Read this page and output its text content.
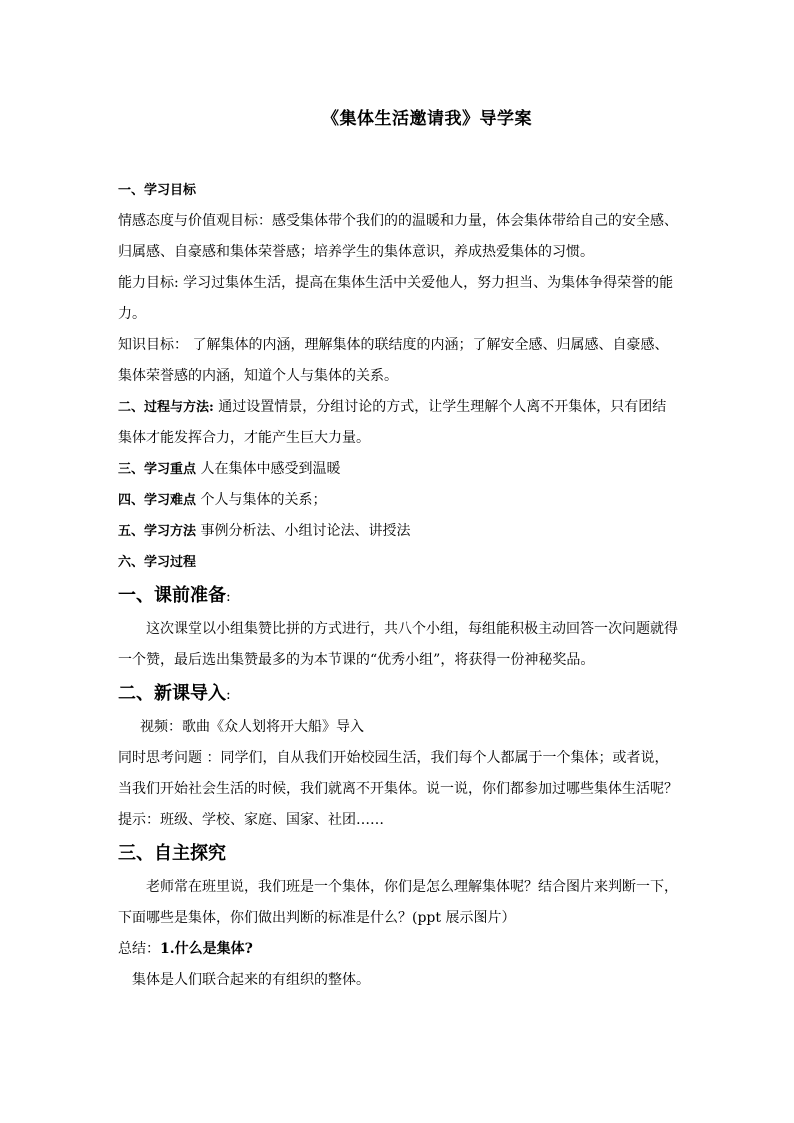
《集体生活邀请我》导学案
一、学习目标
情感态度与价值观目标：感受集体带个我们的的温暖和力量，体会集体带给自己的安全感、
归属感、自豪感和集体荣誉感；培养学生的集体意识，养成热爱集体的习惯。
能力目标: 学习过集体生活，提高在集体生活中关爱他人，努力担当、为集体争得荣誉的能
力。
知识目标： 了解集体的内涵，理解集体的联结度的内涵；了解安全感、归属感、自豪感、
集体荣誉感的内涵，知道个人与集体的关系。
二、过程与方法: 通过设置情景，分组讨论的方式，让学生理解个人离不开集体，只有团结
集体才能发挥合力，才能产生巨大力量。
三、学习重点 人在集体中感受到温暖
四、学习难点 个人与集体的关系；
五、学习方法 事例分析法、小组讨论法、讲授法
六、学习过程
一、课前准备:
这次课堂以小组集赞比拼的方式进行，共八个小组，每组能积极主动回答一次问题就得
一个赞，最后选出集赞最多的为本节课的“优秀小组”，将获得一份神秘奖品。
二、新课导入:
视频：歌曲《众人划将开大船》导入
同时思考问题 ：同学们，自从我们开始校园生活，我们每个人都属于一个集体；或者说，
当我们开始社会生活的时候，我们就离不开集体。说一说，你们都参加过哪些集体生活呢？
提示：班级、学校、家庭、国家、社团……
三、自主探究
老师常在班里说，我们班是一个集体，你们是怎么理解集体呢？结合图片来判断一下，
下面哪些是集体，你们做出判断的标准是什么？(ppt 展示图片）
总结：1.什么是集体?
集体是人们联合起来的有组织的整体。
